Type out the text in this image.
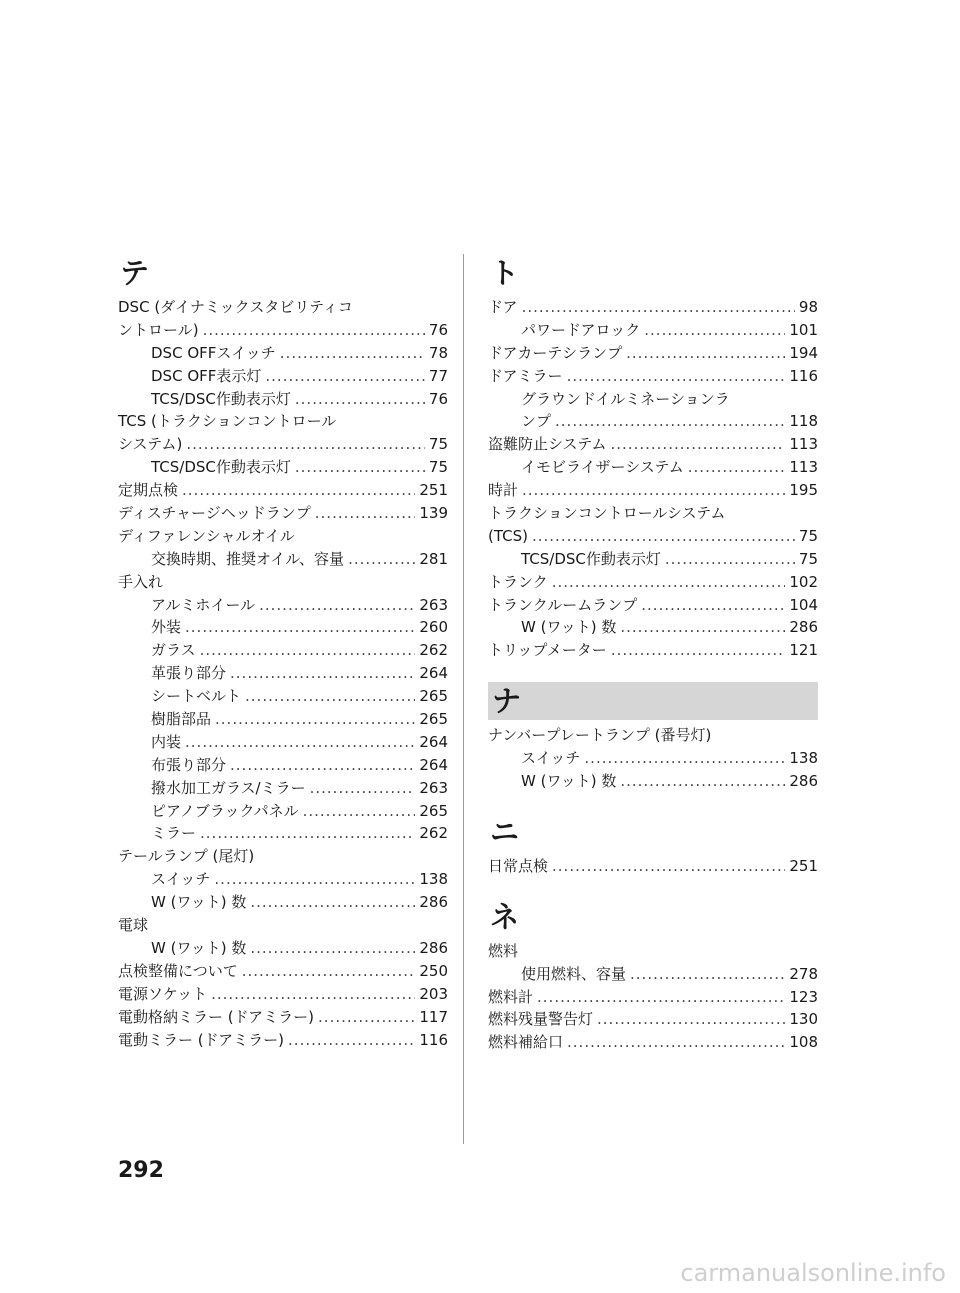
テ
DSC (ダイナミックスタビリティコ
ントロール) .....	76
DSC OFFスイッチ .....	78
DSC OFF表示灯 .....	77
TCS/DSC作動表示灯 .....	76
TCS (トラクションコントロール
システム) .....	75
TCS/DSC作動表示灯 .....	75
定期点検 .....	251
ディスチャージヘッドランプ .....	139
ディファレンシャルオイル
交換時期、推奨オイル、容量 .....	281
手入れ
アルミホイール .....	263
外装 .....	260
ガラス .....	262
革張り部分 .....	264
シートベルト .....	265
樹脂部品 .....	265
内装 .....	264
布張り部分 .....	264
撥水加工ガラス/ミラー .....	263
ピアノブラックパネル .....	265
ミラー .....	262
テールランプ (尾灯)
スイッチ .....	138
W (ワット) 数 .....	286
電球
W (ワット) 数 .....	286
点検整備について .....	250
電源ソケット .....	203
電動格納ミラー (ドアミラー) .....	117
電動ミラー (ドアミラー) .....	116
ト
ドア .....	98
パワードアロック .....	101
ドアカーテシランプ .....	194
ドアミラー .....	116
グラウンドイルミネーションラ
ンプ .....	118
盗難防止システム .....	113
イモビライザーシステム .....	113
時計 .....	195
トラクションコントロールシステム
(TCS) .....	75
TCS/DSC作動表示灯 .....	75
トランク .....	102
トランクルームランプ .....	104
W (ワット) 数 .....	286
トリップメーター .....	121
ナ
ナンバープレートランプ (番号灯)
スイッチ .....	138
W (ワット) 数 .....	286
ニ
日常点検 .....	251
ネ
燃料
使用燃料、容量 .....	278
燃料計 .....	123
燃料残量警告灯 .....	130
燃料補給口 .....	108
292
carmanualsonline.info
